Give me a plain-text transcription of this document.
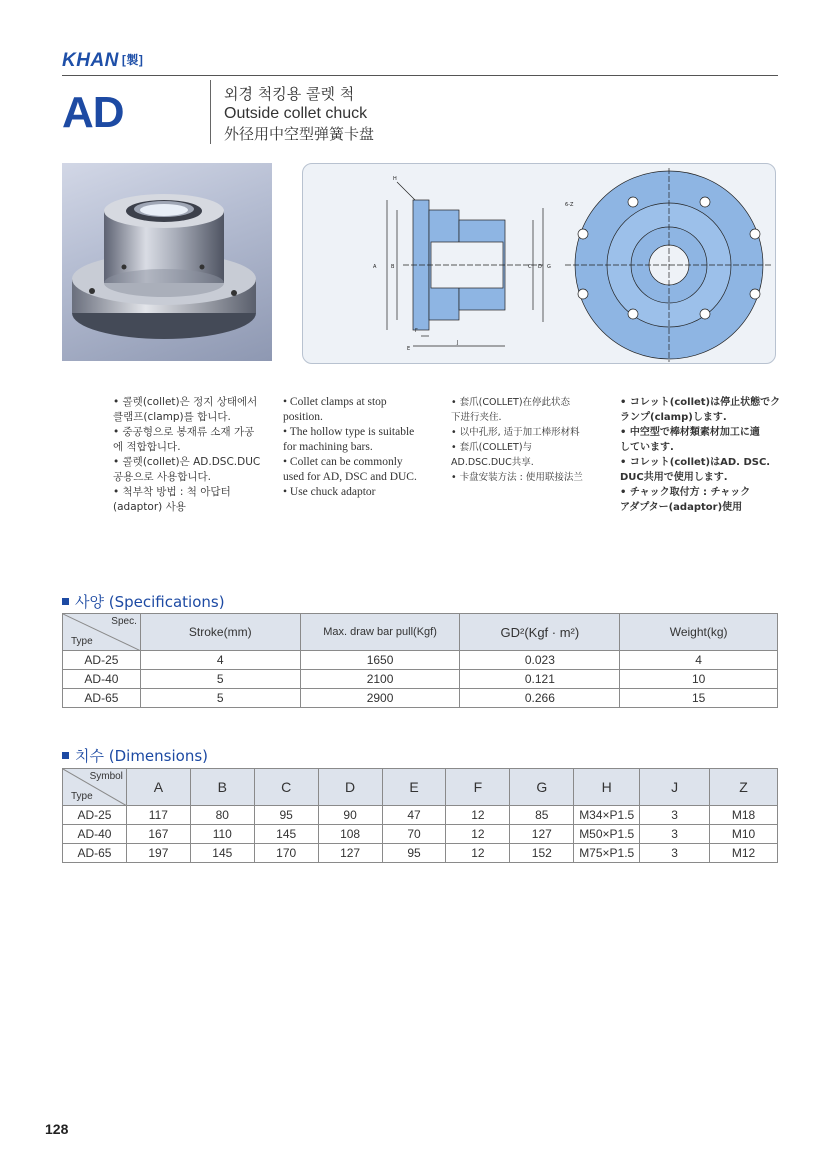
KHAN [製]
AD	외경 척킹용 콜렛 척
Outside collet chuck
外径用中空型弹簧卡盘
H
A	B	C D
E
F
G
J
6-Z
• 콜렛(collet)은 정지 상태에서
클램프(clamp)를 합니다.
• 중공형으로 봉재류 소재 가공
에 적합합니다.
• 콜렛(collet)은 AD.DSC.DUC
공용으로 사용합니다.
• 척부착 방법 : 척 아답터
(adaptor) 사용
• Collet clamps at stop
position.
• The hollow type is suitable
for machining bars.
• Collet can be commonly
used for AD, DSC and DUC.
• Use chuck adaptor
• 套爪(COLLET)在停此状态
下进行夹住.
• 以中孔形, 适于加工棒形材料
• 套爪(COLLET)与
AD.DSC.DUC共享.
• 卡盘安装方法 : 使用联接法兰
• コレット(collet)は停止状態でク
ランプ(clamp)します.
• 中空型で棒材類素材加工に適
しています.
• コレット(collet)はAD. DSC.
DUC共用で使用します.
• チャック取付方 : チャック
アダプター(adaptor)使用
사양 (Specifications)
Spec.
Type	Stroke(mm)	Max. draw bar pull(Kgf)	GD²(Kgf · m²)	Weight(kg)
AD-25	4	1650	0.023	4
AD-40	5	2100	0.121	10
AD-65	5	2900	0.266	15
치수 (Dimensions)
Symbol
Type	A	B	C	D	E	F	G	H	J	Z
AD-25	117	80	95	90	47	12	85	M34×P1.5	3	M18
AD-40	167	110	145	108	70	12	127	M50×P1.5	3	M10
AD-65	197	145	170	127	95	12	152	M75×P1.5	3	M12
128
